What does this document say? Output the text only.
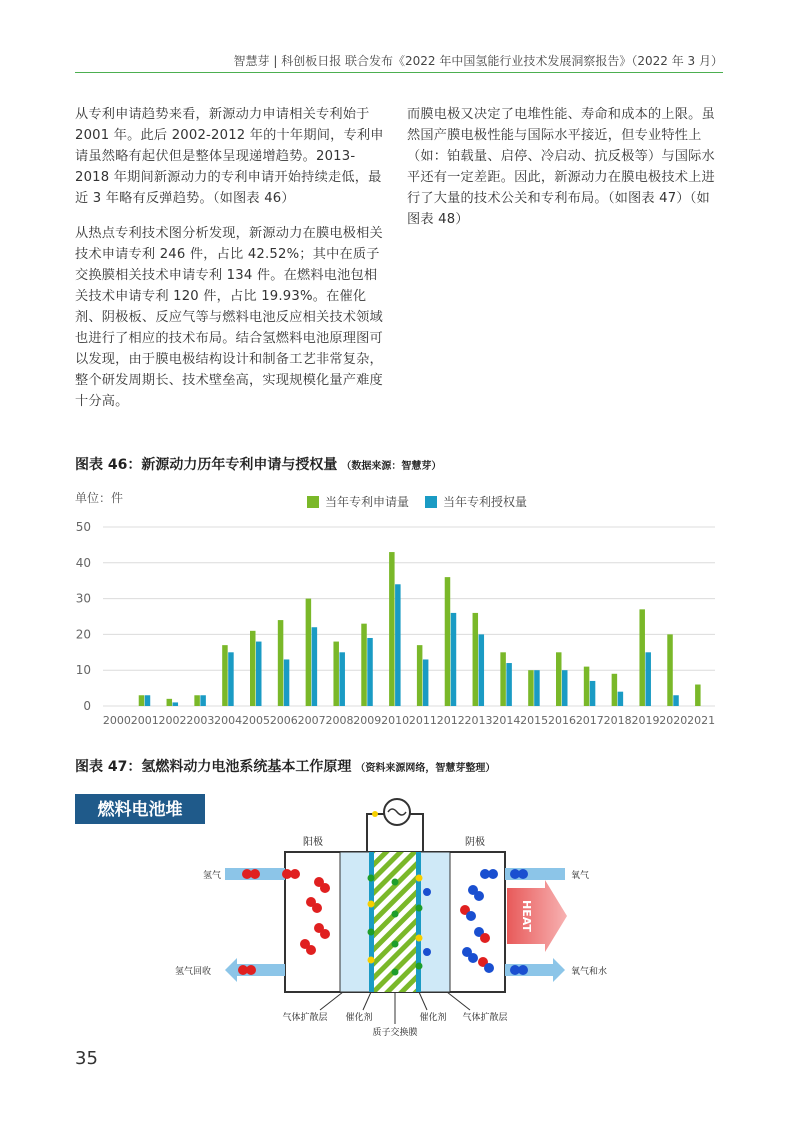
智慧芽 | 科创板日报 联合发布《2022 年中国氢能行业技术发展洞察报告》（2022 年 3 月）

从专利申请趋势来看，新源动力申请相关专利始于 2001 年。此后 2002-2012 年的十年期间，专利申请虽然略有起伏但是整体呈现递增趋势。2013-2018 年期间新源动力的专利申请开始持续走低，最近 3 年略有反弹趋势。（如图表 46）

从热点专利技术图分析发现，新源动力在膜电极相关技术申请专利 246 件，占比 42.52%；其中在质子交换膜相关技术申请专利 134 件。在燃料电池包相关技术申请专利 120 件，占比 19.93%。在催化剂、阴极板、反应气等与燃料电池反应相关技术领域也进行了相应的技术布局。结合氢燃料电池原理图可以发现，由于膜电极结构设计和制备工艺非常复杂，整个研发周期长、技术壁垒高，实现规模化量产难度十分高。

而膜电极又决定了电堆性能、寿命和成本的上限。虽然国产膜电极性能与国际水平接近，但专业特性上（如：铂载量、启停、冷启动、抗反极等）与国际水平还有一定差距。因此，新源动力在膜电极技术上进行了大量的技术公关和专利布局。（如图表 47）（如图表 48）

图表 46：新源动力历年专利申请与授权量 （数据来源：智慧芽）
单位：件	当年专利申请量	当年专利授权量
0
10
20
30
40
50
2000 2001 2002 2003 2004 2005 2006 2007 2008 2009 2010 2011 2012 2013 2014 2015 2016 2017 2018 2019 2020 2021
图表 47：氢燃料动力电池系统基本工作原理 （资料来源网络，智慧芽整理）
燃料电池堆
阳极	阴极
HEAT
氢气
氢气回收
氧气
氧气和水
气体扩散层 催化剂
质子交换膜
催化剂 气体扩散层
35
